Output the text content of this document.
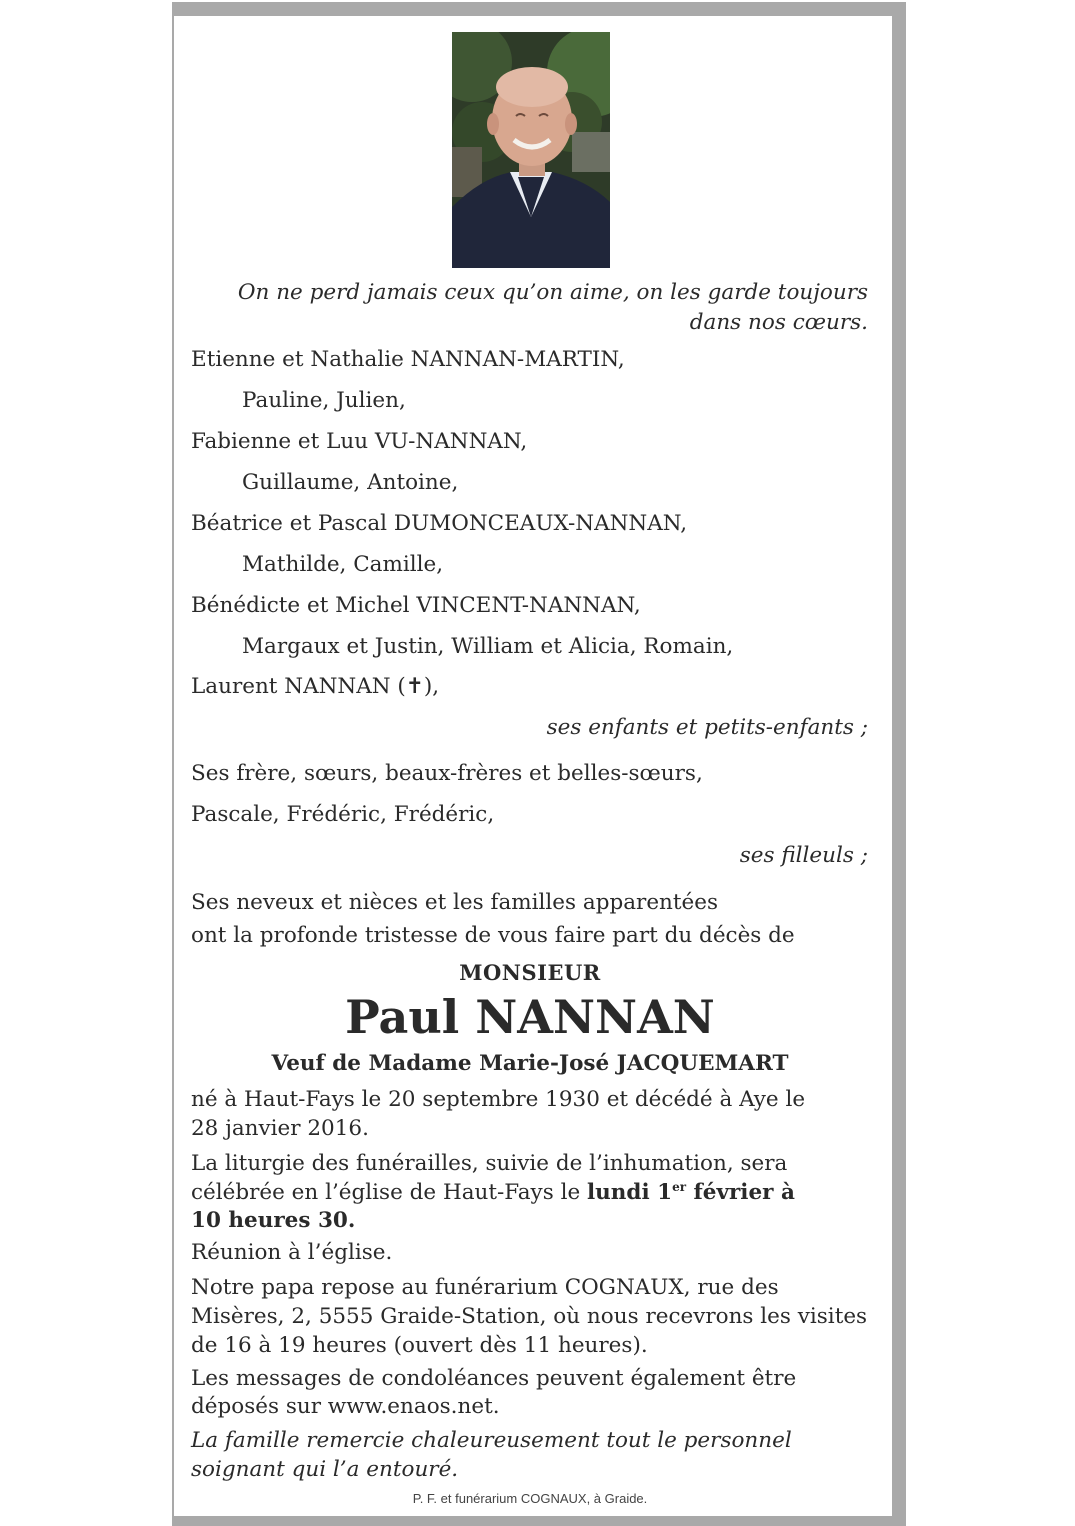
On ne perd jamais ceux qu’on aime, on les garde toujours
dans nos cœurs.
Etienne et Nathalie NANNAN-MARTIN,
Pauline, Julien,
Fabienne et Luu VU-NANNAN,
Guillaume, Antoine,
Béatrice et Pascal DUMONCEAUX-NANNAN,
Mathilde, Camille,
Bénédicte et Michel VINCENT-NANNAN,
Margaux et Justin, William et Alicia, Romain,
Laurent NANNAN (✝),
ses enfants et petits-enfants ;
Ses frère, sœurs, beaux-frères et belles-sœurs,
Pascale, Frédéric, Frédéric,
ses filleuls ;
Ses neveux et nièces et les familles apparentées
ont la profonde tristesse de vous faire part du décès de
MONSIEUR
Paul NANNAN
Veuf de Madame Marie-José JACQUEMART
né à Haut-Fays le 20 septembre 1930 et décédé à Aye le
28 janvier 2016.
La liturgie des funérailles, suivie de l’inhumation, sera
célébrée en l’église de Haut-Fays le lundi 1er février à
10 heures 30.
Réunion à l’église.
Notre papa repose au funérarium COGNAUX, rue des
Misères, 2, 5555 Graide-Station, où nous recevrons les visites
de 16 à 19 heures (ouvert dès 11 heures).
Les messages de condoléances peuvent également être
déposés sur www.enaos.net.
La famille remercie chaleureusement tout le personnel
soignant qui l’a entouré.
P. F. et funérarium COGNAUX, à Graide.
